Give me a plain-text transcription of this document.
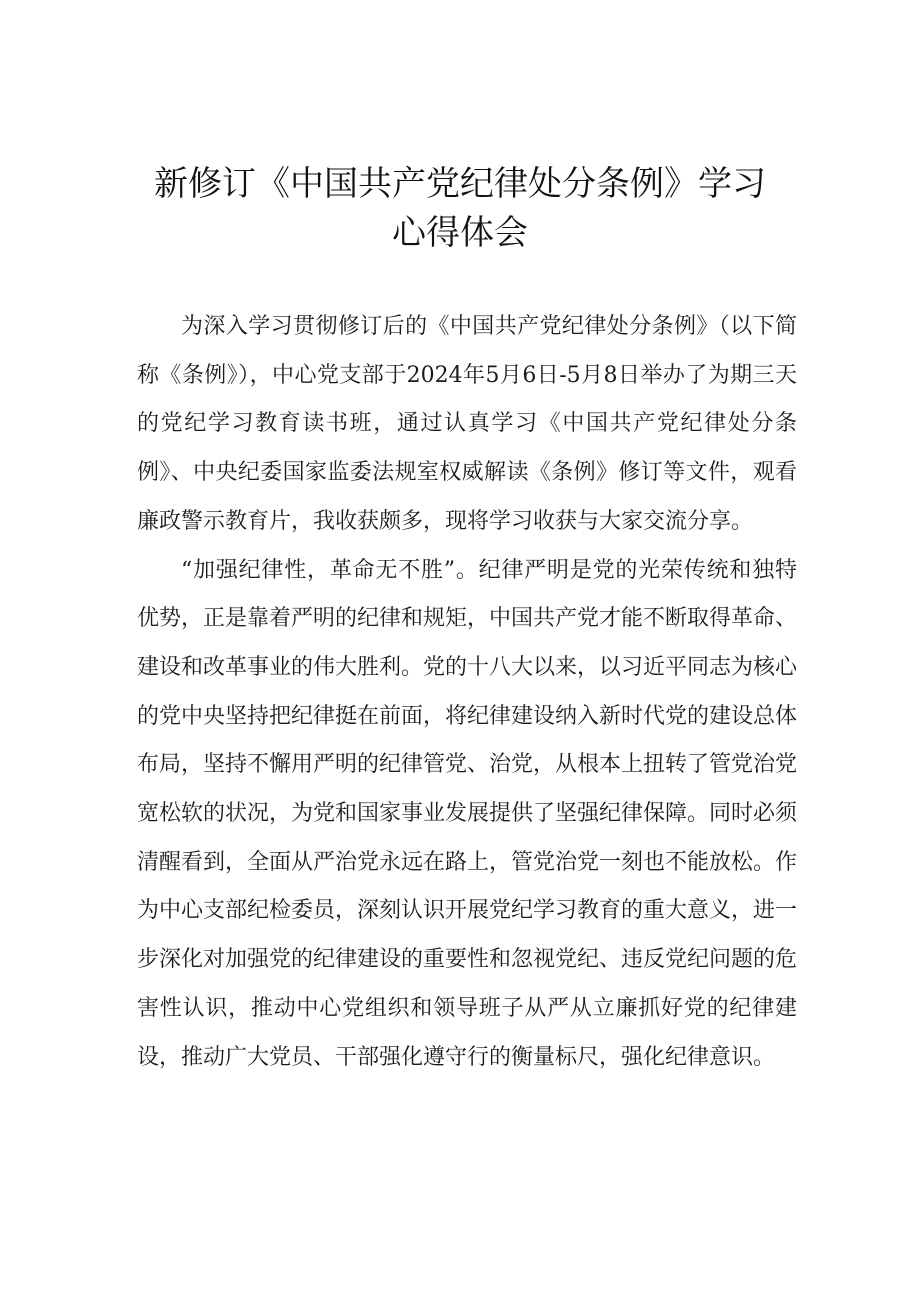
新修订《中国共产党纪律处分条例》学习
心得体会

为深入学习贯彻修订后的《中国共产党纪律处分条例》（以下简称《条例》），中心党支部于2024年5月6日-5月8日举办了为期三天的党纪学习教育读书班，通过认真学习《中国共产党纪律处分条例》、中央纪委国家监委法规室权威解读《条例》修订等文件，观看廉政警示教育片，我收获颇多，现将学习收获与大家交流分享。

“加强纪律性，革命无不胜”。纪律严明是党的光荣传统和独特优势，正是靠着严明的纪律和规矩，中国共产党才能不断取得革命、建设和改革事业的伟大胜利。党的十八大以来，以习近平同志为核心的党中央坚持把纪律挺在前面，将纪律建设纳入新时代党的建设总体布局，坚持不懈用严明的纪律管党、治党，从根本上扭转了管党治党宽松软的状况，为党和国家事业发展提供了坚强纪律保障。同时必须清醒看到，全面从严治党永远在路上，管党治党一刻也不能放松。作为中心支部纪检委员，深刻认识开展党纪学习教育的重大意义，进一步深化对加强党的纪律建设的重要性和忽视党纪、违反党纪问题的危害性认识，推动中心党组织和领导班子从严从立廉抓好党的纪律建设，推动广大党员、干部强化遵守行的衡量标尺，强化纪律意识。
